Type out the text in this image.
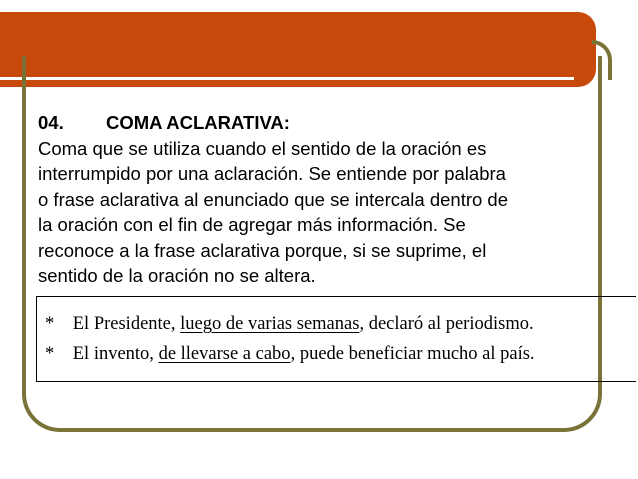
04.	COMA ACLARATIVA:
Coma que se utiliza cuando el sentido de la oración es
interrumpido por una aclaración. Se entiende por palabra
o frase aclarativa al enunciado que se intercala dentro de
la oración con el fin de agregar más información. Se
reconoce a la frase aclarativa porque, si se suprime, el
sentido de la oración no se altera.
* El Presidente, luego de varias semanas, declaró al periodismo.
* El invento, de llevarse a cabo, puede beneficiar mucho al país.
